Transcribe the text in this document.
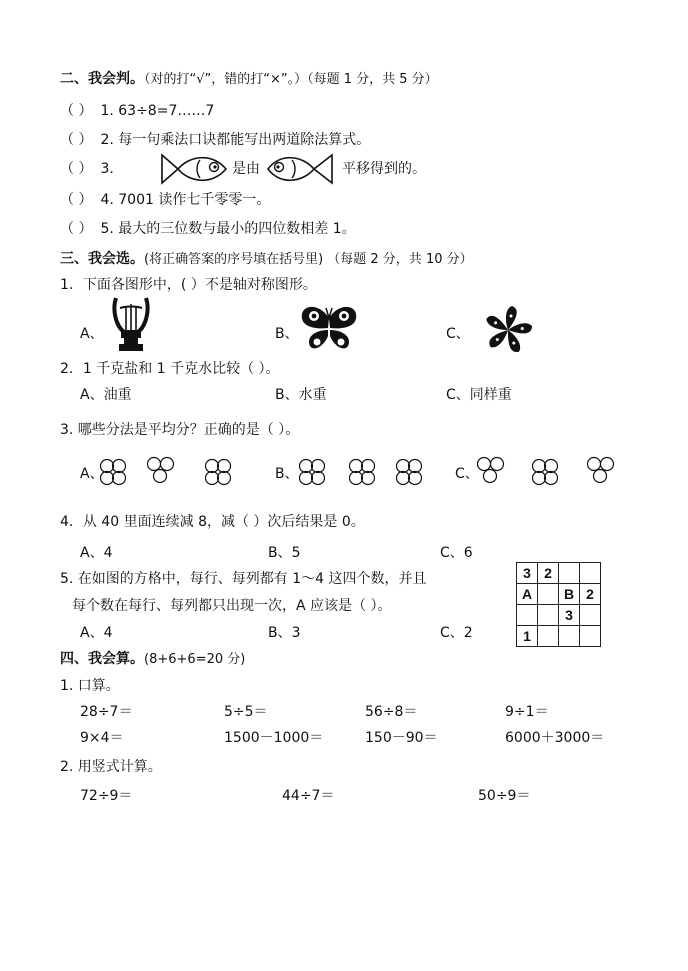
二、我会判。（对的打“√”，错的打“×”。）（每题 1 分，共 5 分）
（ ） 1. 63÷8=7……7
（ ） 2. 每一句乘法口诀都能写出两道除法算式。
（ ） 3.	是由	平移得到的。
（ ） 4. 7001 读作七千零零一。
（ ） 5. 最大的三位数与最小的四位数相差 1。
三、我会选。(将正确答案的序号填在括号里) （每题 2 分，共 10 分）
1．下面各图形中，( ）不是轴对称图形。
A、	B、	C、
2．1 千克盐和 1 千克水比较（ ）。
A、油重	B、水重	C、同样重
3. 哪些分法是平均分？正确的是（ ）。
A、	B、	C、
4．从 40 里面连续减 8，减（ ）次后结果是 0。
A、4	B、5	C、6
5. 在如图的方格中，每行、每列都有 1～4 这四个数，并且
每个数在每行、每列都只出现一次，A 应该是（ ）。
A、4	B、3	C、2
3	2		
A		B	2
		3	
1			
四、我会算。(8+6+6=20 分)
1. 口算。
28÷7＝	5÷5＝	56÷8＝	9÷1＝
9×4＝	1500－1000＝	150－90＝	6000＋3000＝
2. 用竖式计算。
72÷9＝	44÷7＝	50÷9＝
